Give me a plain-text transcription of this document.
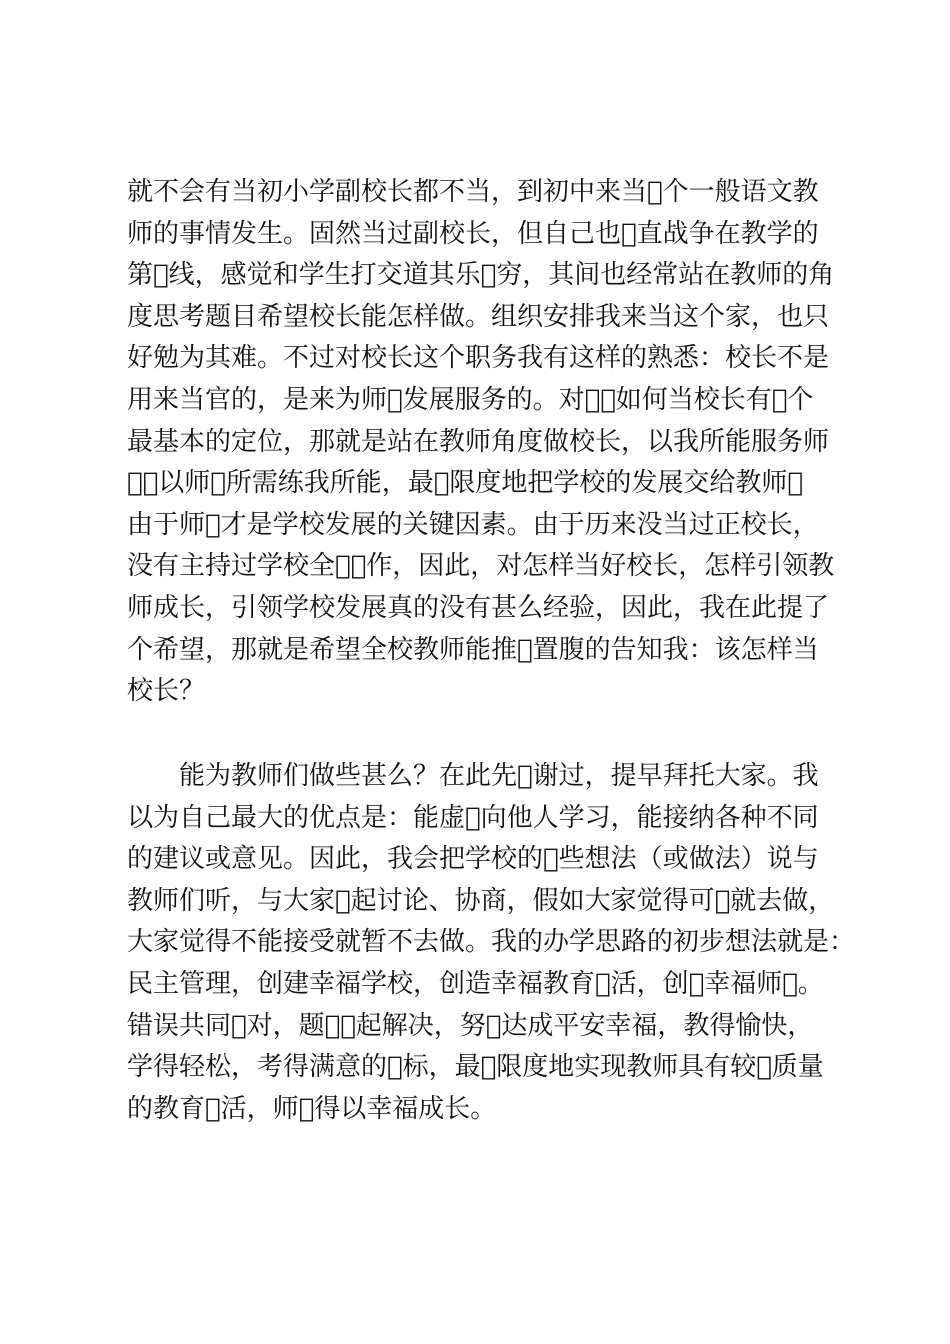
就不会有当初小学副校长都不当，到初中来当󰀁个一般语文教
师的事情发生。固然当过副校长，但自己也󰀁直战争在教学的
第󰀁线，感觉和学生打交道其乐󰀁穷，其间也经常站在教师的角
度思考题目希望校长能怎样做。组织安排我来当这个家，也只
好勉为其难。不过对校长这个职务我有这样的熟悉：校长不是
用来当官的，是来为师󰀁发展服务的。对󰀁󰀁如何当校长有󰀁个
最基本的定位，那就是站在教师角度做校长，以我所能服务师
󰀁，以师󰀁所需练我所能，最󰀁限度地把学校的发展交给教师󰀁
由于师󰀁才是学校发展的关键因素。由于历来没当过正校长，
没有主持过学校全󰀁󰀁作，因此，对怎样当好校长，怎样引领教
师成长，引领学校发展真的没有甚么经验，因此，我在此提了
个希望，那就是希望全校教师能推󰀁置腹的告知我：该怎样当
校长？
　　能为教师们做些甚么？在此先󰀁谢过，提早拜托大家。我
以为自己最大的优点是：能虚󰀁向他人学习，能接纳各种不同
的建议或意见。因此，我会把学校的󰀁些想法（或做法）说与
教师们听，与大家󰀁起讨论、协商，假如大家觉得可󰀁就去做，
大家觉得不能接受就暂不去做。我的办学思路的初步想法就是：
民主管理，创建幸福学校，创造幸福教育󰀁活，创󰀁幸福师󰀁。
错误共同󰀁对，题󰀁󰀁起解决，努󰀁达成平安幸福，教得愉快，
学得轻松，考得满意的󰀁标，最󰀁限度地实现教师具有较󰀁质量
的教育󰀁活，师󰀁得以幸福成长。
